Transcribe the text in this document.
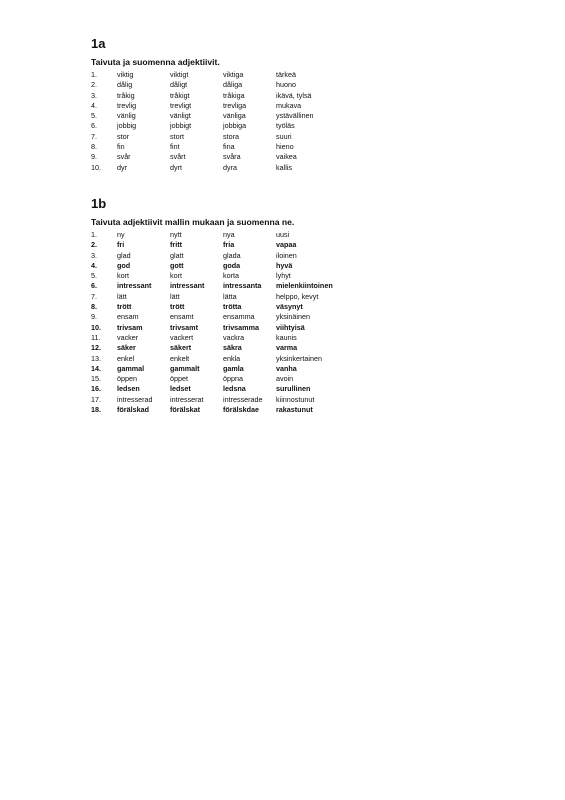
1a
Taivuta ja suomenna adjektiivit.
1.	viktig	viktigt	viktiga	tärkeä
2.	dålig	dåligt	dåliga	huono
3.	tråkig	tråkigt	tråkiga	ikävä, tylsä
4.	trevlig	trevligt	trevliga	mukava
5.	vänlig	vänligt	vänliga	ystävällinen
6.	jobbig	jobbigt	jobbiga	työläs
7.	stor	stort	stora	suuri
8.	fin	fint	fina	hieno
9.	svår	svårt	svåra	vaikea
10.	dyr	dyrt	dyra	kallis
1b
Taivuta adjektiivit mallin mukaan ja suomenna ne.
1.	ny	nytt	nya	uusi
2.	fri	fritt	fria	vapaa
3.	glad	glatt	glada	iloinen
4.	god	gott	goda	hyvä
5.	kort	kort	korta	lyhyt
6.	intressant	intressant	intressanta	mielenkiintoinen
7.	lätt	lätt	lätta	helppo, kevyt
8.	trött	trött	trötta	väsynyt
9.	ensam	ensamt	ensamma	yksinäinen
10.	trivsam	trivsamt	trivsamma	viihtyisä
11.	vacker	vackert	vackra	kaunis
12.	säker	säkert	säkra	varma
13.	enkel	enkelt	enkla	yksinkertainen
14.	gammal	gammalt	gamla	vanha
15.	öppen	öppet	öppna	avoin
16.	ledsen	ledset	ledsna	surullinen
17.	intresserad	intresserat	intresserade	kiinnostunut
18.	förälskad	förälskat	förälskdae	rakastunut
